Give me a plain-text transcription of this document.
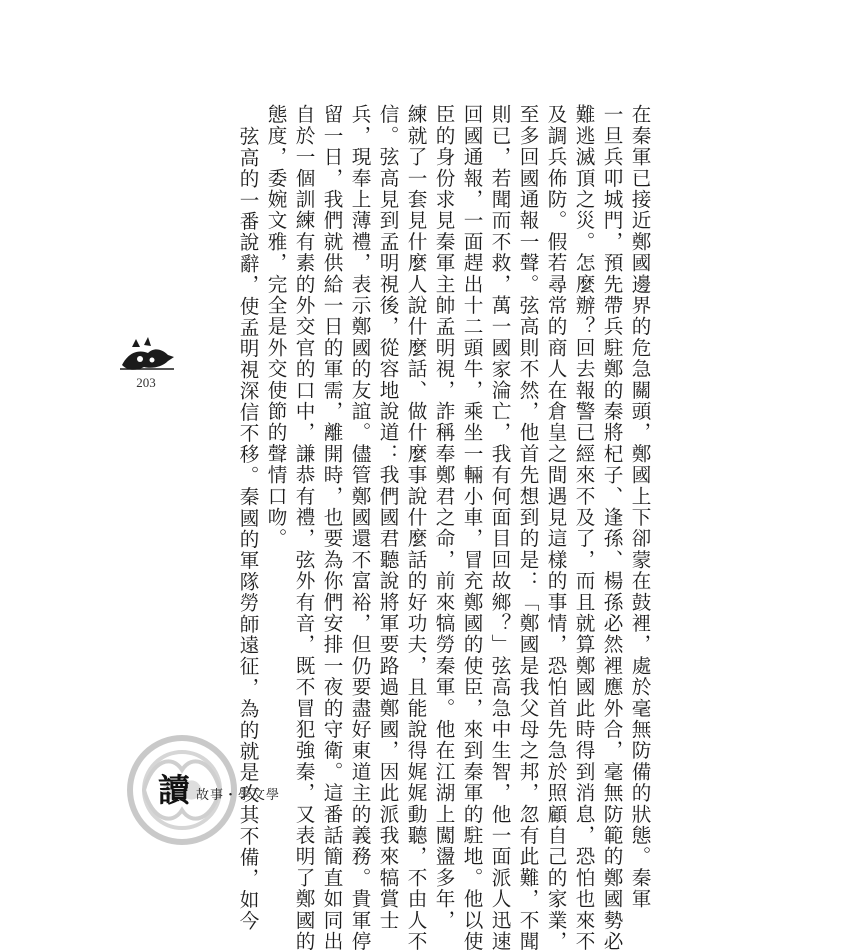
在秦軍已接近鄭國邊界的危急關頭，鄭國上下卻蒙在鼓裡，處於毫無防備的狀態。秦軍
一旦兵叩城門，預先帶兵駐鄭的秦將杞子、逢孫、楊孫必然裡應外合，毫無防範的鄭國勢必
難逃滅頂之災。怎麼辦？回去報警已經來不及了，而且就算鄭國此時得到消息，恐怕也來不
及調兵佈防。假若尋常的商人在倉皇之間遇見這樣的事情，恐怕首先急於照顧自己的家業，
至多回國通報一聲。弦高則不然，他首先想到的是：「鄭國是我父母之邦，忽有此難，不聞
則已，若聞而不救，萬一國家淪亡，我有何面目回故鄉？」弦高急中生智，他一面派人迅速
回國通報，一面趕出十二頭牛，乘坐一輛小車，冒充鄭國的使臣，來到秦軍的駐地。他以使
臣的身份求見秦軍主帥孟明視，詐稱奉鄭君之命，前來犒勞秦軍。他在江湖上闖盪多年，
練就了一套見什麼人說什麼話、做什麼事說什麼話的好功夫，且能說得娓娓動聽，不由人不
信。弦高見到孟明視後，從容地說道：我們國君聽說將軍要路過鄭國，因此派我來犒賞士
兵，現奉上薄禮，表示鄭國的友誼。儘管鄭國還不富裕，但仍要盡好東道主的義務。貴軍停
留一日，我們就供給一日的軍需，離開時，也要為你們安排一夜的守衛。這番話簡直如同出
自於一個訓練有素的外交官的口中，謙恭有禮，弦外有音，既不冒犯強秦，又表明了鄭國的
態度，委婉文雅，完全是外交使節的聲情口吻。
弦高的一番說辭，使孟明視深信不移。秦國的軍隊勞師遠征，為的就是攻其不備，如今
203
讀 故事・學文學
